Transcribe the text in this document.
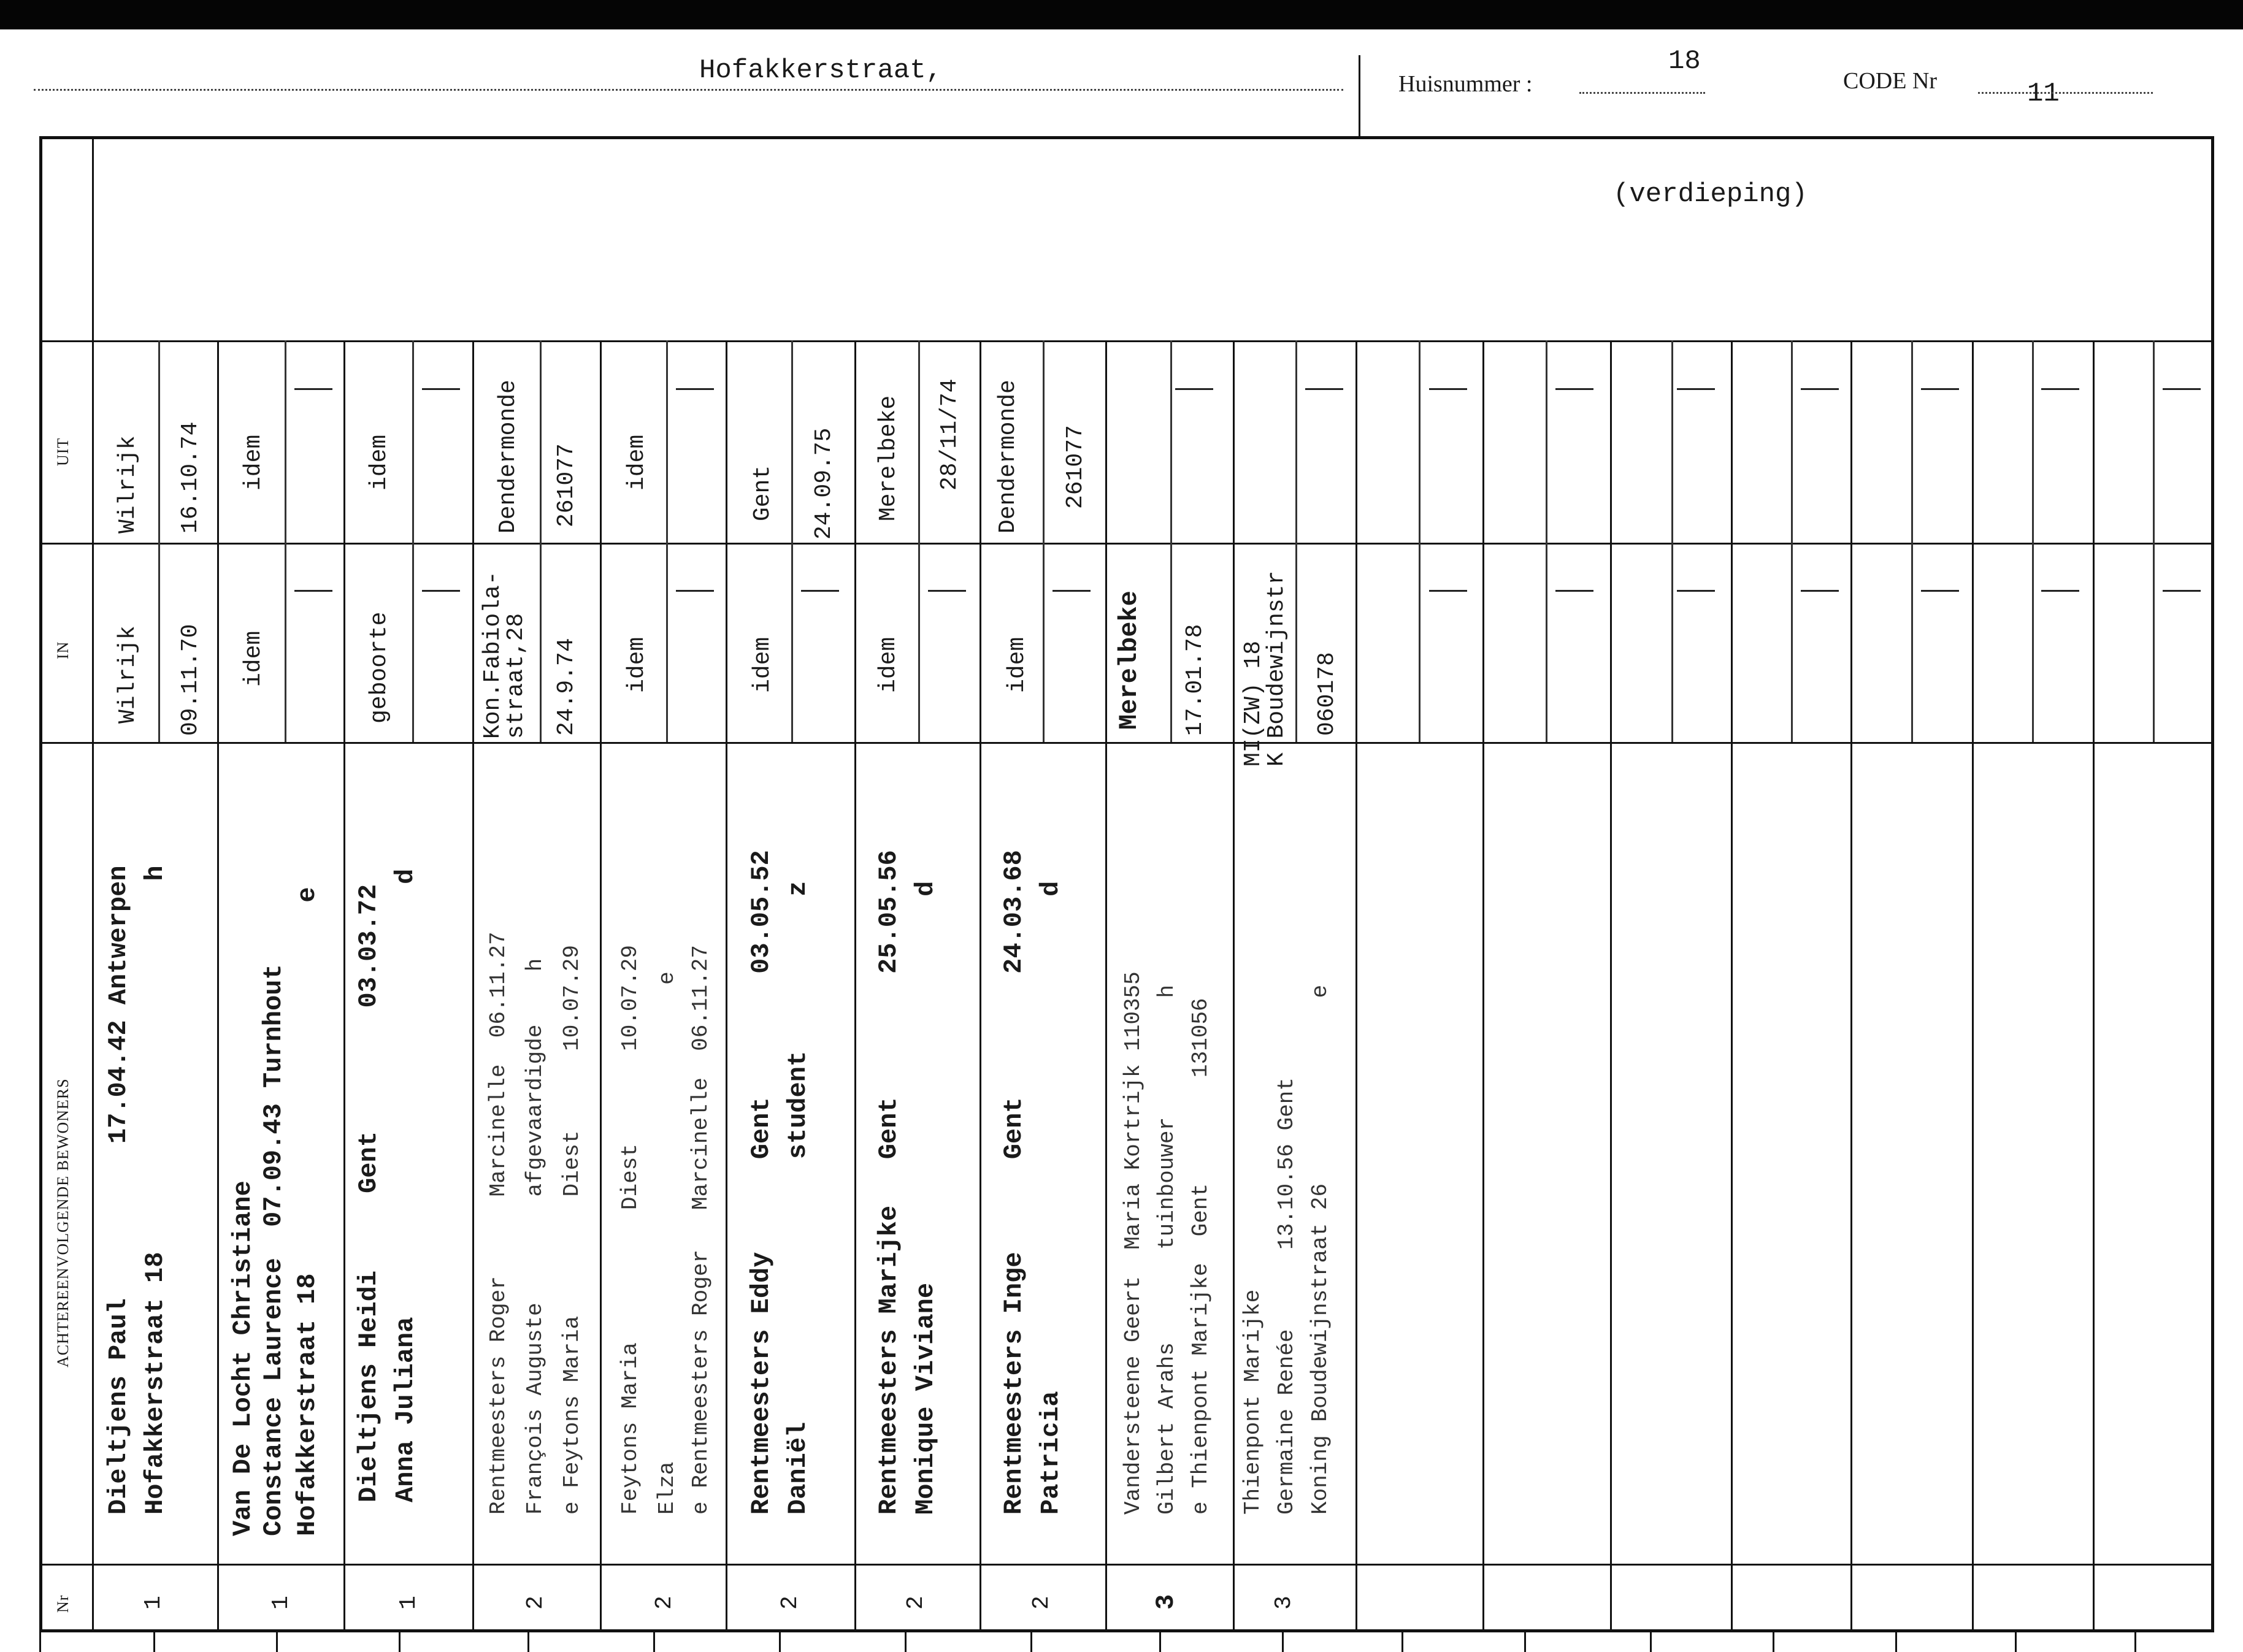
Hofakkerstraat,	Huisnummer :
18
CODE Nr	11
(verdieping)
UIT
IN
ACHTEREENVOLGENDE BEWONERS
Nr
Wilrijk 16.10.74
Wilrijk 09.11.70
Dieltjens Paul          17.04.42 Antwerpen Hofakkerstraat 18                        h
1
idem
idem
Van De Locht Christiane Constance Laurence  07.09.43 Turnhout Hofakkerstraat 18                        e
1
idem
geboorte
Dieltjens Heidi     Gent        03.03.72 Anna Juliana                            d
1
Dendermonde 261077
Kon.Fabiola-
straat,28 24.9.74
Rentmeesters Roger      Marcinelle  06.11.27 François Auguste        afgevaardigde    h e Feytons Maria         Diest      10.07.29
2
idem
idem
Feytons Maria          Diest       10.07.29 Elza                                    e e Rentmeesters Roger   Marcinelle  06.11.27
2
Gent 24.09.75
idem
Rentmeesters Eddy      Gent        03.05.52 Daniël                 student          z
2
Merelbeke 28/11/74
idem
Rentmeesters Marijke   Gent        25.05.56 Monique Viviane                         d
2
Dendermonde 261077
idem
Rentmeesters Inge      Gent        24.03.68 Patricia                                d
2
Merelbeke 17.01.78
Vandersteene Geert  Maria Kortrijk 110355 Gilbert Arahs       tuinbouwer         h e Thienpont Marijke  Gent        131056
3
MI(ZW) 18
K Boudewijnstr 060178
Thienpont Marijke Germaine Renée      13.10.56 Gent Koning Boudewijnstraat 26              e
3
